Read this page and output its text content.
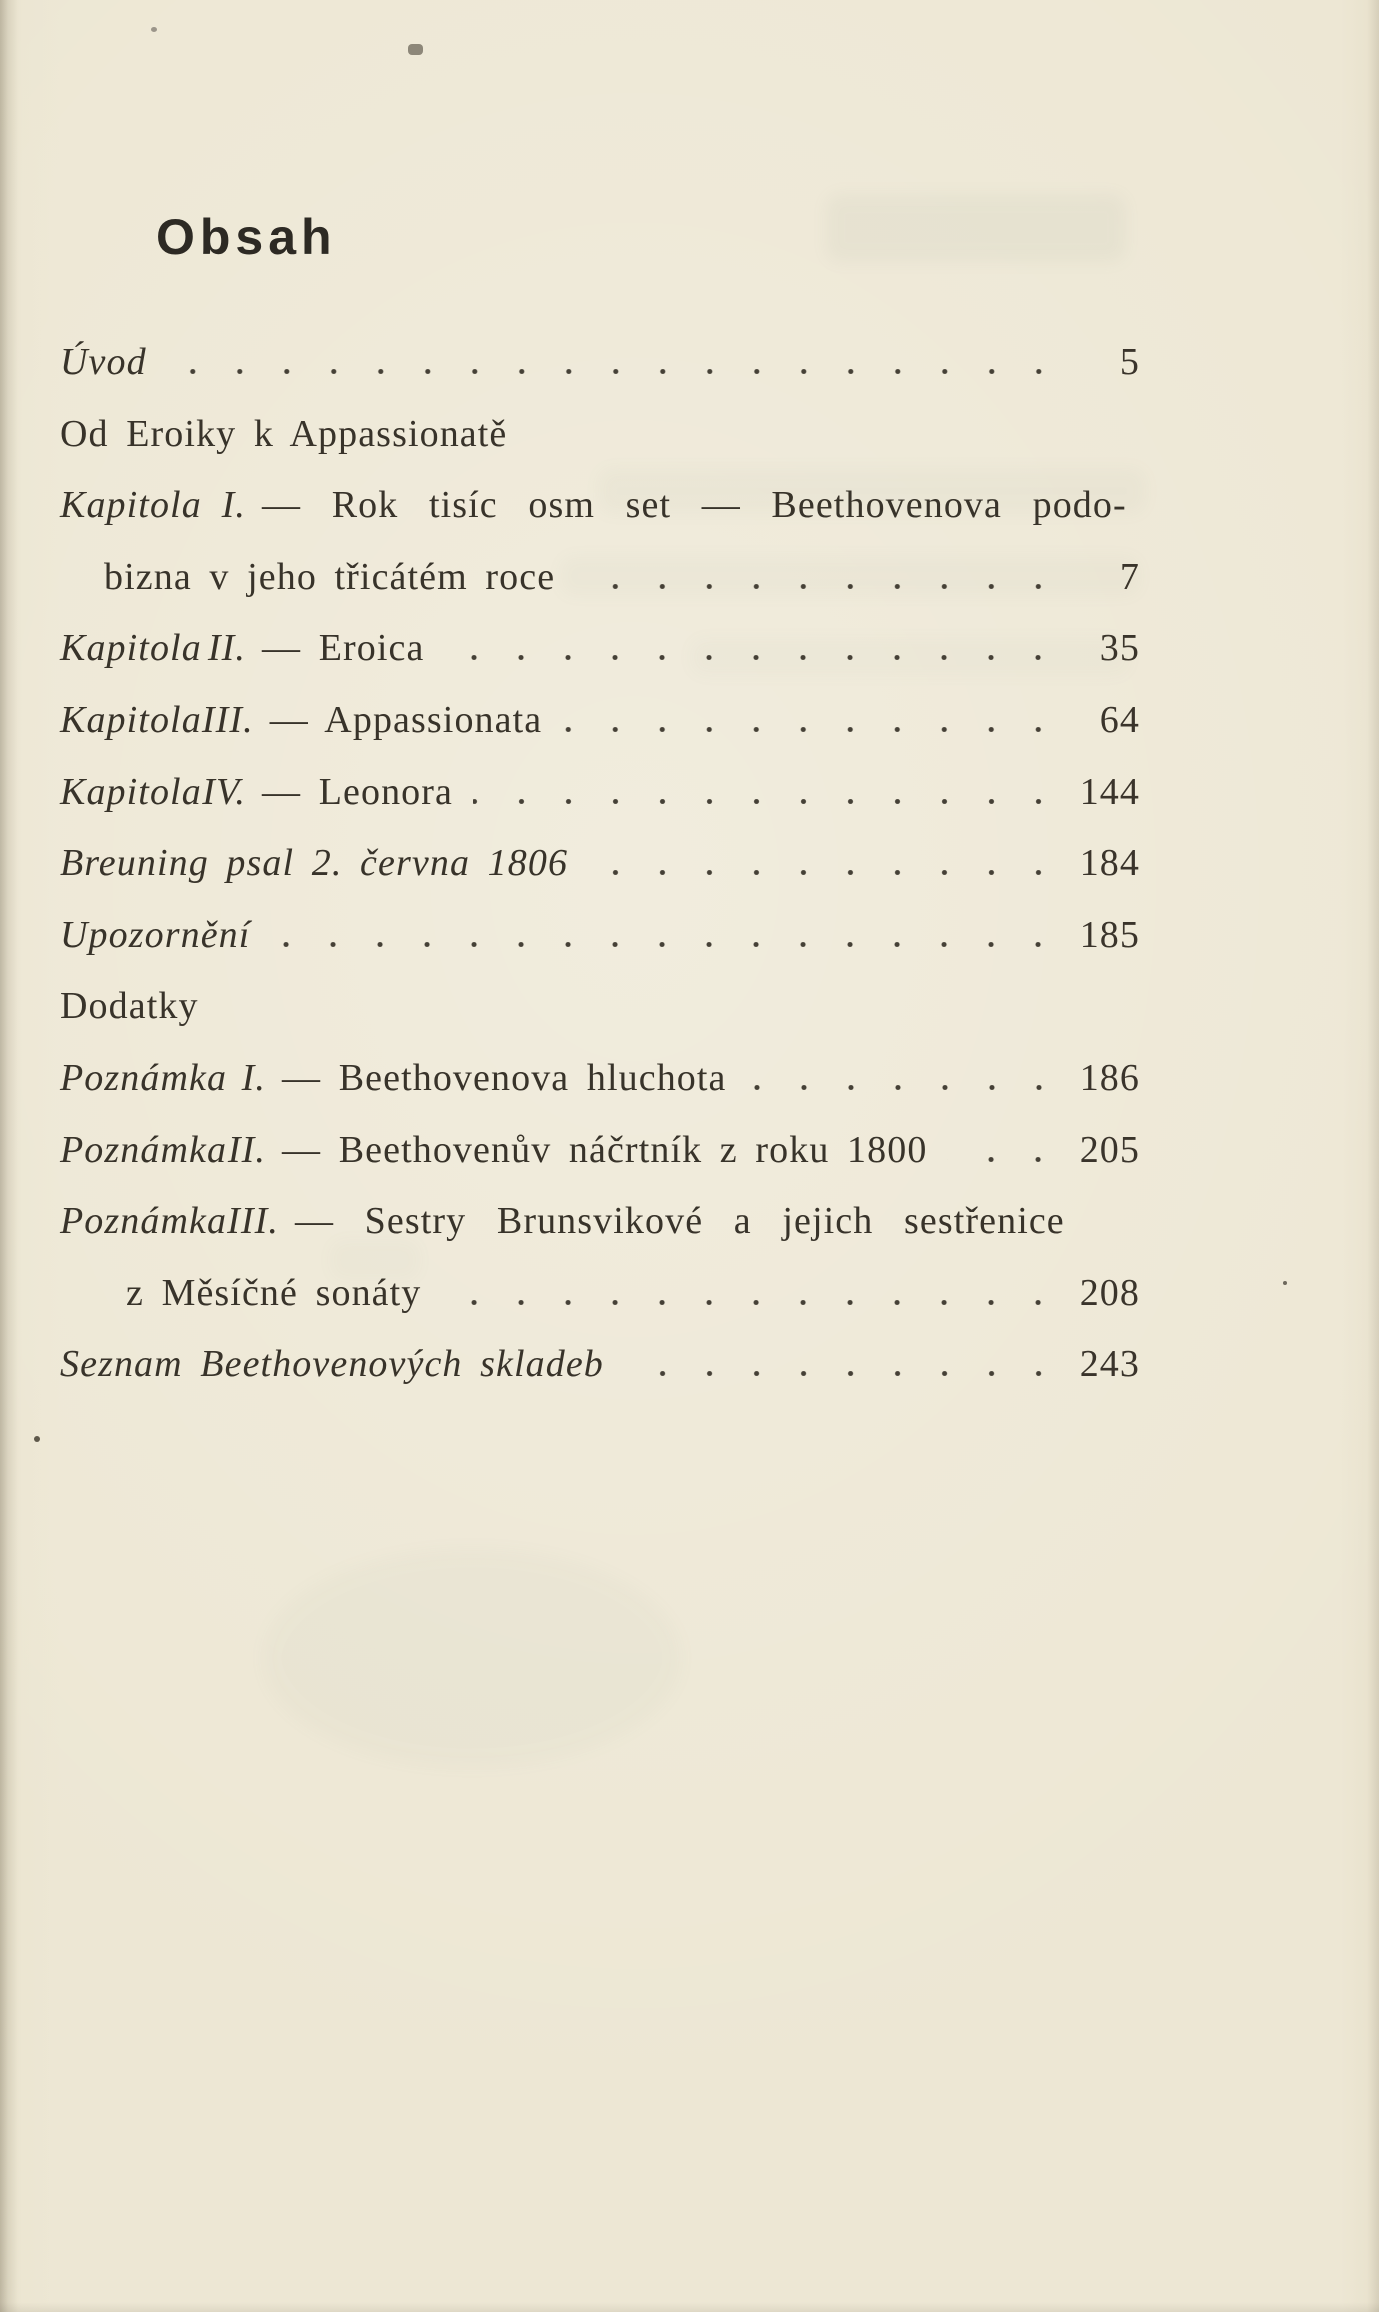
Obsah
Úvod	5
Od Eroiky k Appassionatě
Kapitola I. — Rok tisíc osm set — Beethovenova podo-
bizna v jeho třicátém roce	7
Kapitola II. — Eroica	35
Kapitola III. — Appassionata	64
Kapitola IV. — Leonora	144
Breuning psal 2. června 1806	184
Upozornění	185
Dodatky
Poznámka I. — Beethovenova hluchota	186
Poznámka II. — Beethovenův náčrtník z roku 1800	205
Poznámka III. — Sestry Brunsvikové a jejich sestřenice
z Měsíčné sonáty	208
Seznam Beethovenových skladeb	243
